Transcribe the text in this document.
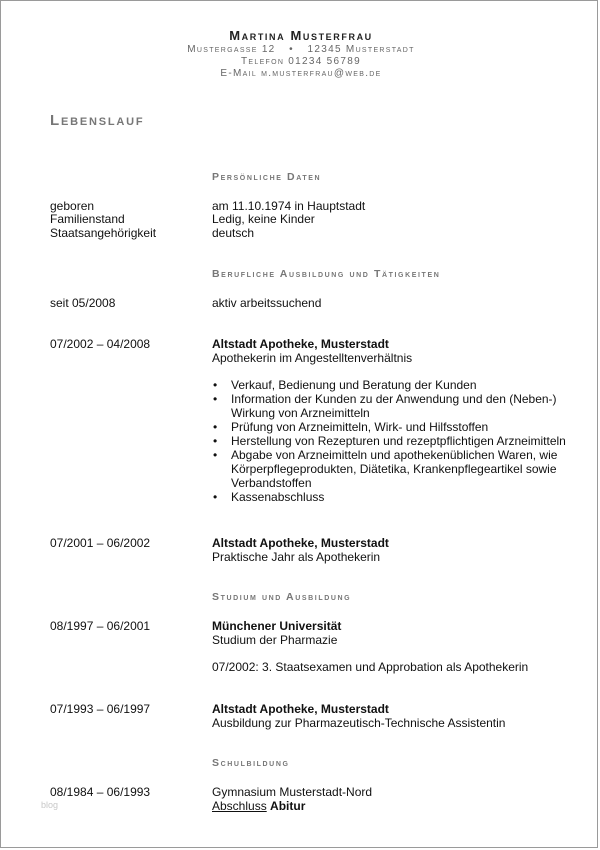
Martina Musterfrau
Mustergasse 12 • 12345 Musterstadt
Telefon 01234 56789
E-Mail m.musterfrau@web.de
Lebenslauf
Persönliche Daten
geboren	am 11.10.1974 in Hauptstadt
Familienstand	Ledig, keine Kinder
Staatsangehörigkeit	deutsch
Berufliche Ausbildung und Tätigkeiten
seit 05/2008	aktiv arbeitssuchend
07/2002 – 04/2008	Altstadt Apotheke, Musterstadt
Apothekerin im Angestelltenverhältnis
• Verkauf, Bedienung und Beratung der Kunden
• Information der Kunden zu der Anwendung und den (Neben-) Wirkung von Arzneimitteln
• Prüfung von Arzneimitteln, Wirk- und Hilfsstoffen
• Herstellung von Rezepturen und rezeptpflichtigen Arzneimitteln
• Abgabe von Arzneimitteln und apothekenüblichen Waren, wie Körperpflegeprodukten, Diätetika, Krankenpflegeartikel sowie Verbandstoffen
• Kassenabschluss
07/2001 – 06/2002	Altstadt Apotheke, Musterstadt
Praktische Jahr als Apothekerin
Studium und Ausbildung
08/1997 – 06/2001	Münchener Universität
Studium der Pharmazie
07/2002: 3. Staatsexamen und Approbation als Apothekerin
07/1993 – 06/1997	Altstadt Apotheke, Musterstadt
Ausbildung zur Pharmazeutisch-Technische Assistentin
Schulbildung
08/1984 – 06/1993	Gymnasium Musterstadt-Nord
Abschluss Abitur
blog
